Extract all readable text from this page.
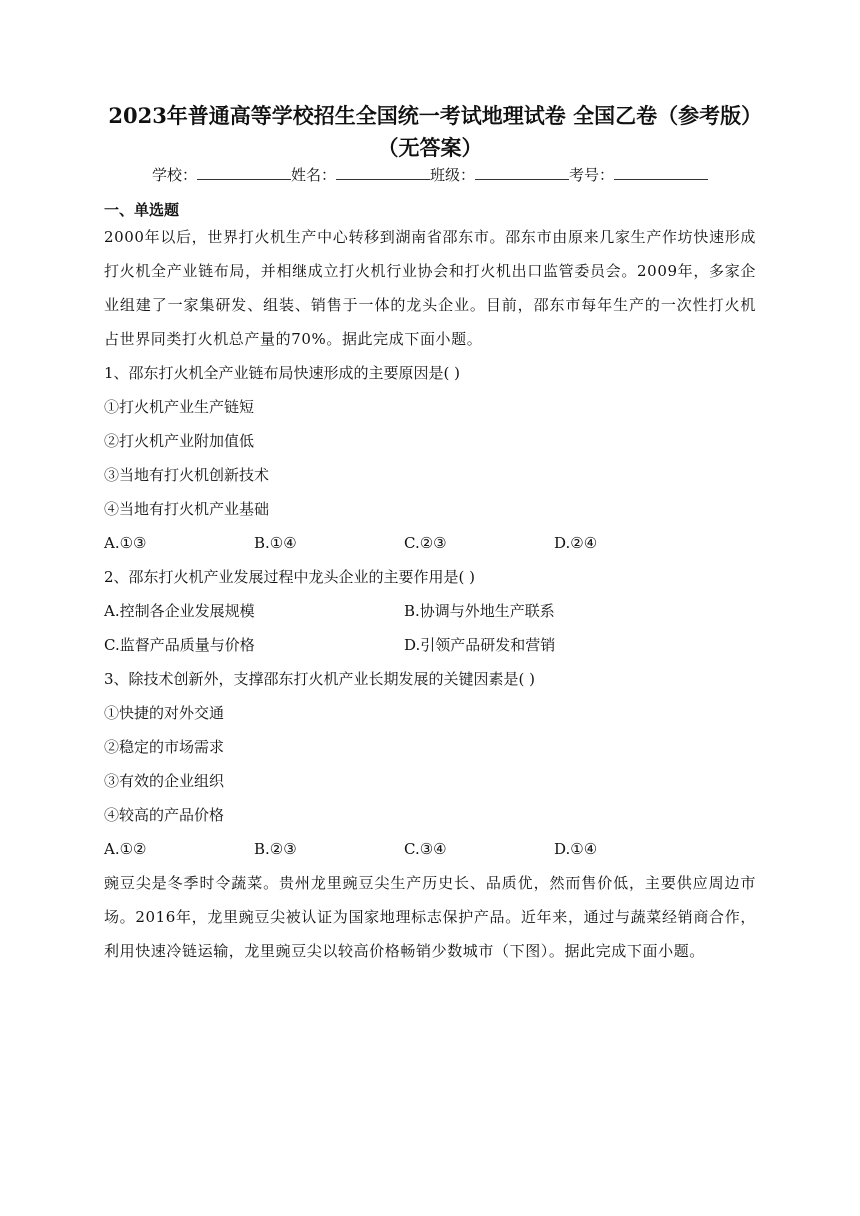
2023年普通高等学校招生全国统一考试地理试卷 全国乙卷（参考版）（无答案）
学校：	姓名：	班级：	考号：
一、单选题

2000年以后，世界打火机生产中心转移到湖南省邵东市。邵东市由原来几家生产作坊快速形成打火机全产业链布局，并相继成立打火机行业协会和打火机出口监管委员会。2009年，多家企业组建了一家集研发、组装、销售于一体的龙头企业。目前，邵东市每年生产的一次性打火机占世界同类打火机总产量的70%。据此完成下面小题。

1、邵东打火机全产业链布局快速形成的主要原因是( )

①打火机产业生产链短

②打火机产业附加值低

③当地有打火机创新技术

④当地有打火机产业基础

A.①③	B.①④	C.②③	D.②④

2、邵东打火机产业发展过程中龙头企业的主要作用是( )

A.控制各企业发展规模	B.协调与外地生产联系
C.监督产品质量与价格	D.引领产品研发和营销

3、除技术创新外，支撑邵东打火机产业长期发展的关键因素是( )

①快捷的对外交通

②稳定的市场需求

③有效的企业组织

④较高的产品价格

A.①②	B.②③	C.③④	D.①④

豌豆尖是冬季时令蔬菜。贵州龙里豌豆尖生产历史长、品质优，然而售价低，主要供应周边市场。2016年，龙里豌豆尖被认证为国家地理标志保护产品。近年来，通过与蔬菜经销商合作，利用快速冷链运输，龙里豌豆尖以较高价格畅销少数城市（下图）。据此完成下面小题。
